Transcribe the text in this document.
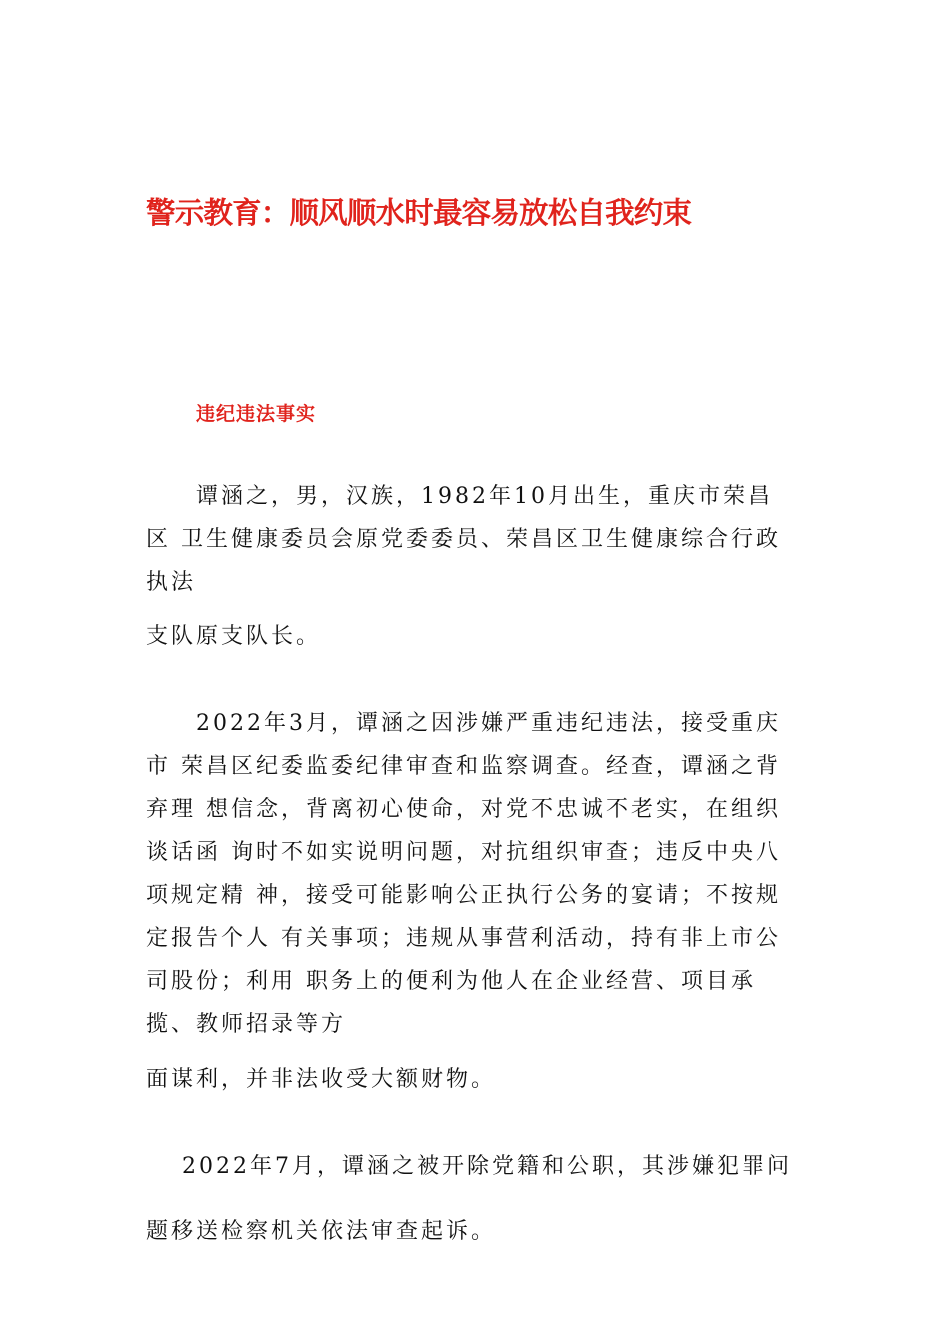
警示教育：顺风顺水时最容易放松自我约束
违纪违法事实
谭涵之，男，汉族，1982年10月出生，重庆市荣昌
区 卫生健康委员会原党委委员、荣昌区卫生健康综合行政
执法
支队原支队长。
2022年3月，谭涵之因涉嫌严重违纪违法，接受重庆
市 荣昌区纪委监委纪律审查和监察调查。经查，谭涵之背
弃理 想信念，背离初心使命，对党不忠诚不老实，在组织
谈话函 询时不如实说明问题，对抗组织审查；违反中央八
项规定精 神，接受可能影响公正执行公务的宴请；不按规
定报告个人 有关事项；违规从事营利活动，持有非上市公
司股份；利用 职务上的便利为他人在企业经营、项目承
揽、教师招录等方
面谋利，并非法收受大额财物。
2022年7月，谭涵之被开除党籍和公职，其涉嫌犯罪问
题移送检察机关依法审查起诉。
